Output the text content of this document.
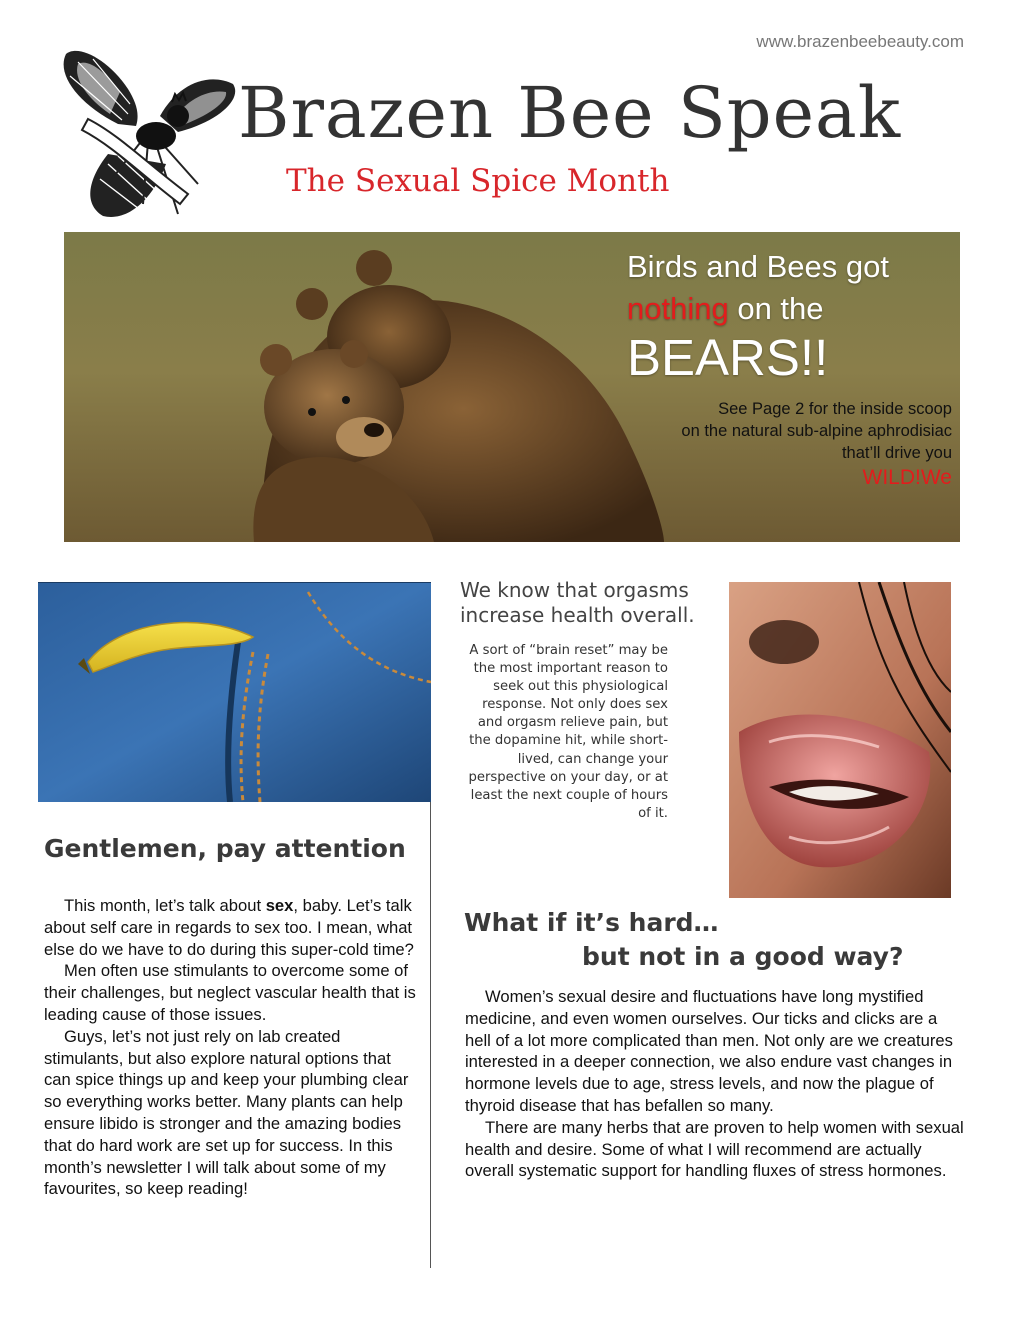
www.brazenbeebeauty.com
Brazen Bee Speak
The Sexual Spice Month
Birds and Bees got
nothing on the
BEARS!!
See Page 2 for the inside scoop
on the natural sub-alpine aphrodisiac
that’ll drive you
WILD!We
Gentlemen, pay attention

This month, let’s talk about sex, baby. Let’s talk about self care in regards to sex too. I mean, what else do we have to do during this super-cold time?

Men often use stimulants to overcome some of their challenges, but neglect vascular health that is leading cause of those issues.

Guys, let’s not just rely on lab created stimulants, but also explore natural options that can spice things up and keep your plumbing clear so everything works better. Many plants can help ensure libido is stronger and the amazing bodies that do hard work are set up for success. In this month’s newsletter I will talk about some of my favourites, so keep reading!

We know that orgasms increase health overall.
A sort of “brain reset” may be the most important reason to seek out this physiological response. Not only does sex and orgasm relieve pain, but the dopamine hit, while short-lived, can change your perspective on your day, or at least the next couple of hours of it.
What if it’s hard…
but not in a good way?

Women’s sexual desire and fluctuations have long mystified medicine, and even women ourselves. Our ticks and clicks are a hell of a lot more complicated than men. Not only are we creatures interested in a deeper connection, we also endure vast changes in hormone levels due to age, stress levels, and now the plague of thyroid disease that has befallen so many.

There are many herbs that are proven to help women with sexual health and desire. Some of what I will recommend are actually overall systematic support for handling fluxes of stress hormones.
